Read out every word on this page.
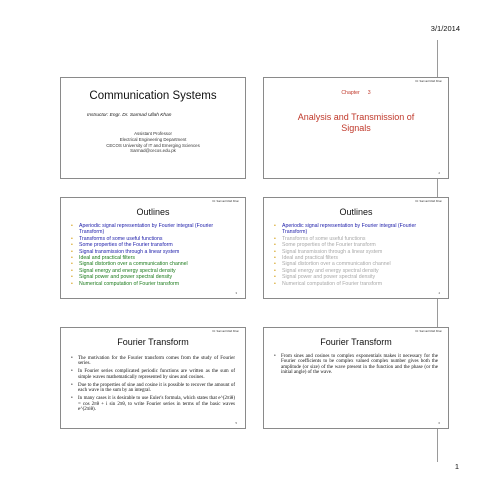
3/1/2014
1
Communication Systems
Instructor: Engr. Dr. Sarmad Ullah Khan
Assistant Professor
Electrical Engineering Department
CECOS University of IT and Emerging Sciences
Sarmad@cecos.edu.pk
Dr. Sarmad Ullah Khan
Chapter 3
Analysis and Transmission of
Signals
2
Dr. Sarmad Ullah Khan
Outlines
• Aperiodic signal representation by Fourier integral (Fourier Transform)
• Transforms of some useful functions
• Some properties of the Fourier transform
• Signal transmission through a linear system
• Ideal and practical filters
• Signal distortion over a communication channel
• Signal energy and energy spectral density
• Signal power and power spectral density
• Numerical computation of Fourier transform
3
Dr. Sarmad Ullah Khan
Outlines
• Aperiodic signal representation by Fourier integral (Fourier Transform)
• Transforms of some useful functions
• Some properties of the Fourier transform
• Signal transmission through a linear system
• Ideal and practical filters
• Signal distortion over a communication channel
• Signal energy and energy spectral density
• Signal power and power spectral density
• Numerical computation of Fourier transform
4
Dr. Sarmad Ullah Khan
Fourier Transform
• The motivation for the Fourier transform comes from the study of Fourier series.
• In Fourier series complicated periodic functions are written as the sum of simple waves mathematically represented by sines and cosines.
• Due to the properties of sine and cosine it is possible to recover the amount of each wave in the sum by an integral.
• In many cases it is desirable to use Euler's formula, which states that e^(2πiθ) = cos 2πθ + i sin 2πθ, to write Fourier series in terms of the basic waves e^(2πiθ).
5
Dr. Sarmad Ullah Khan
Fourier Transform
• From sines and cosines to complex exponentials makes it necessary for the Fourier coefficients to be complex valued complex number gives both the amplitude (or size) of the wave present in the function and the phase (or the initial angle) of the wave.
6
